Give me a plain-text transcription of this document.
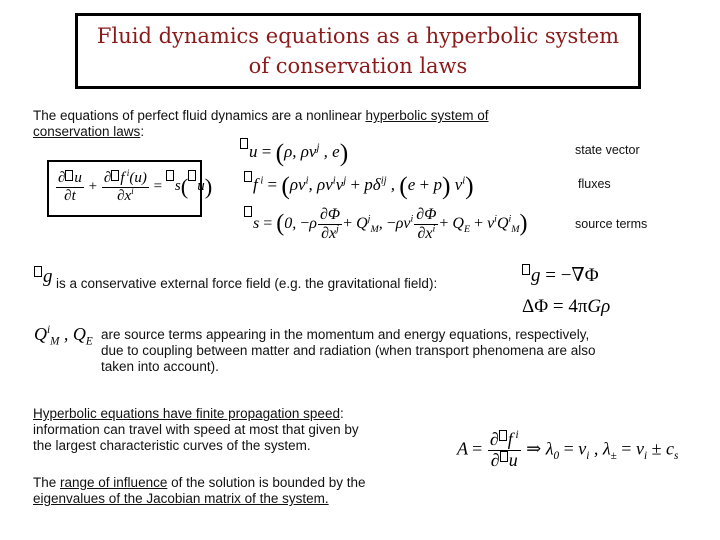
Fluid dynamics equations as a hyperbolic system
of conservation laws
The equations of perfect fluid dynamics are a nonlinear hyperbolic system of
conservation laws:
$\frac{\partial u}{\partial t} + \frac{\partial f ^i(u)}{\partial x^i} = s$( u)
u = (ρ, $\rho v^j$ , e)	state vector
f $^i = (\rho v^i$, $\rho v^iv^j + p\delta^{ij}$ , (e + p) $v^i$)	fluxes
s = (0, $-\rho \frac{\partial\Phi}{\partial x^j} + Q^j_M$, $-\rho v^i \frac{\partial\Phi}{\partial x^i} + Q_E + v^iQ^i_M$)	source terms
g is a conservative external force field (e.g. the gravitational field):	g = −∇Φ
ΔΦ = 4πGρ
$Q^i_M$ , $Q_E$ are source terms appearing in the momentum and energy equations, respectively,
due to coupling between matter and radiation (when transport phenomena are also
taken into account).
Hyperbolic equations have finite propagation speed:
information can travel with speed at most that given by
the largest characteristic curves of the system.
The range of influence of the solution is bounded by the
eigenvalues of the Jacobian matrix of the system.
$A = \frac{\partial f ^i}{\partial u}$ ⇒ $\lambda_0 = v_i$ , $\lambda_\pm = v_i \pm c_s$
